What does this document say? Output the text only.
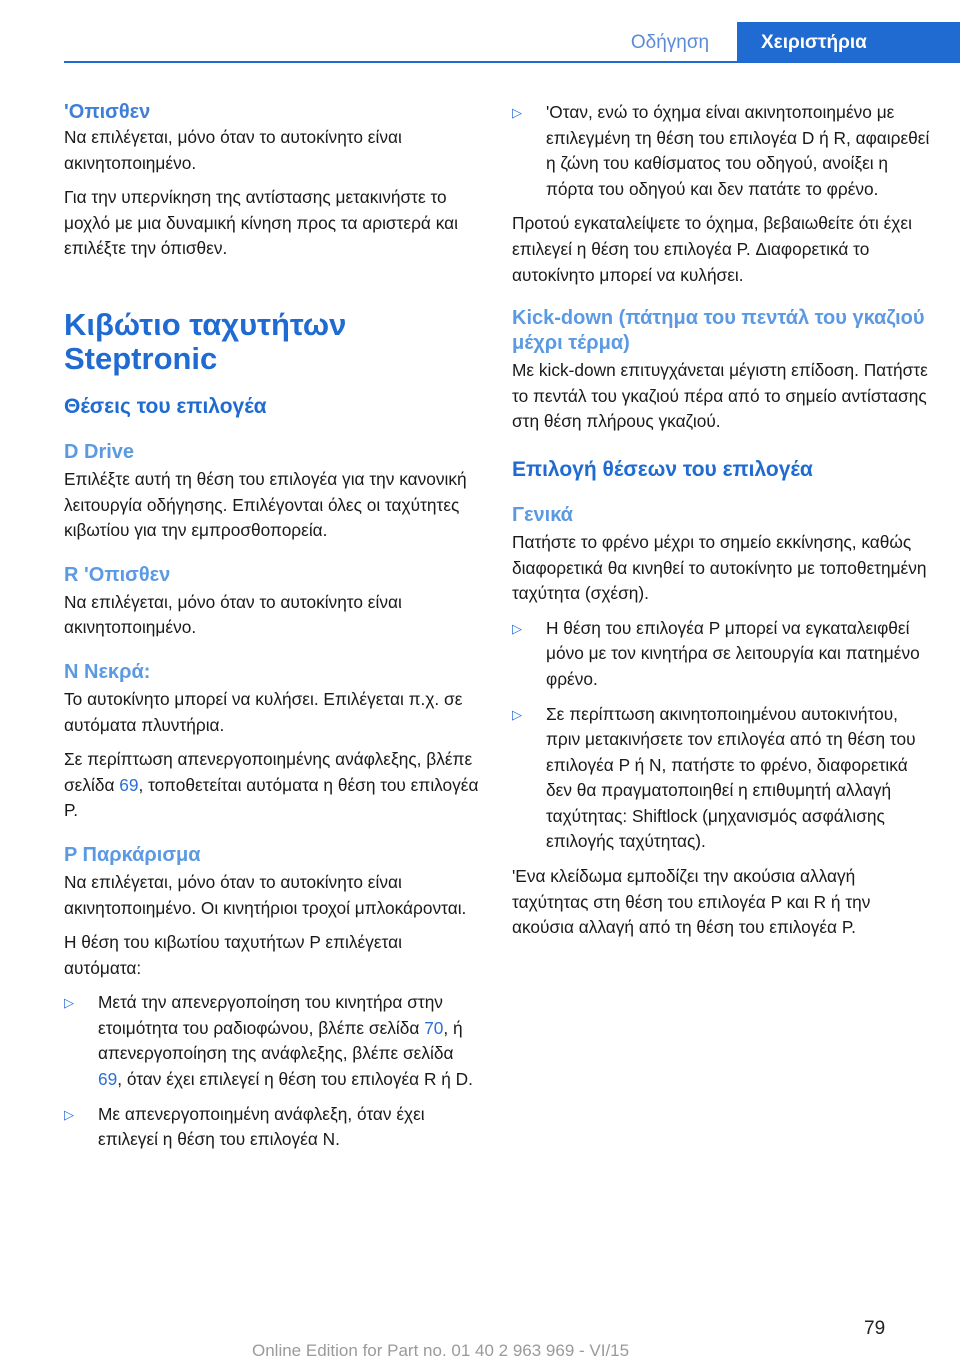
Οδήγηση	Χειριστήρια
'Οπισθεν

Να επιλέγεται, μόνο όταν το αυτοκίνητο είναι ακινητοποιημένο.

Για την υπερνίκηση της αντίστασης μετακινήστε το μοχλό με μια δυναμική κίνηση προς τα αριστερά και επιλέξτε την όπισθεν.

Κιβώτιο ταχυτήτων Steptronic
Θέσεις του επιλογέα
D Drive

Επιλέξτε αυτή τη θέση του επιλογέα για την κανονική λειτουργία οδήγησης. Επιλέγονται όλες οι ταχύτητες κιβωτίου για την εμπροσθοπορεία.

R 'Οπισθεν

Να επιλέγεται, μόνο όταν το αυτοκίνητο είναι ακινητοποιημένο.

N Νεκρά:

Το αυτοκίνητο μπορεί να κυλήσει. Επιλέγεται π.χ. σε αυτόματα πλυντήρια.

Σε περίπτωση απενεργοποιημένης ανάφλεξης, βλέπε σελίδα 69, τοποθετείται αυτόματα η θέση του επιλογέα P.

P Παρκάρισμα

Να επιλέγεται, μόνο όταν το αυτοκίνητο είναι ακινητοποιημένο. Οι κινητήριοι τροχοί μπλοκάρονται.

Η θέση του κιβωτίου ταχυτήτων P επιλέγεται αυτόματα:

▷	Μετά την απενεργοποίηση του κινητήρα στην ετοιμότητα του ραδιοφώνου, βλέπε σελίδα 70, ή απενεργοποίηση της ανάφλεξης, βλέπε σελίδα 69, όταν έχει επιλεγεί η θέση του επιλογέα R ή D.
▷	Με απενεργοποιημένη ανάφλεξη, όταν έχει επιλεγεί η θέση του επιλογέα N.
▷	'Οταν, ενώ το όχημα είναι ακινητοποιημένο με επιλεγμένη τη θέση του επιλογέα D ή R, αφαιρεθεί η ζώνη του καθίσματος του οδηγού, ανοίξει η πόρτα του οδηγού και δεν πατάτε το φρένο.

Προτού εγκαταλείψετε το όχημα, βεβαιωθείτε ότι έχει επιλεγεί η θέση του επιλογέα P. Διαφορετικά το αυτοκίνητο μπορεί να κυλήσει.

Kick-down (πάτημα του πεντάλ του γκαζιού μέχρι τέρμα)

Με kick-down επιτυγχάνεται μέγιστη επίδοση. Πατήστε το πεντάλ του γκαζιού πέρα από το σημείο αντίστασης στη θέση πλήρους γκαζιού.

Επιλογή θέσεων του επιλογέα
Γενικά

Πατήστε το φρένο μέχρι το σημείο εκκίνησης, καθώς διαφορετικά θα κινηθεί το αυτοκίνητο με τοποθετημένη ταχύτητα (σχέση).

▷	Η θέση του επιλογέα P μπορεί να εγκαταλειφθεί μόνο με τον κινητήρα σε λειτουργία και πατημένο φρένο.
▷	Σε περίπτωση ακινητοποιημένου αυτοκινήτου, πριν μετακινήσετε τον επιλογέα από τη θέση του επιλογέα P ή N, πατήστε το φρένο, διαφορετικά δεν θα πραγματοποιηθεί η επιθυμητή αλλαγή ταχύτητας: Shiftlock (μηχανισμός ασφάλισης επιλογής ταχύτητας).

'Ενα κλείδωμα εμποδίζει την ακούσια αλλαγή ταχύτητας στη θέση του επιλογέα P και R ή την ακούσια αλλαγή από τη θέση του επιλογέα P.

79
Online Edition for Part no. 01 40 2 963 969 - VI/15
